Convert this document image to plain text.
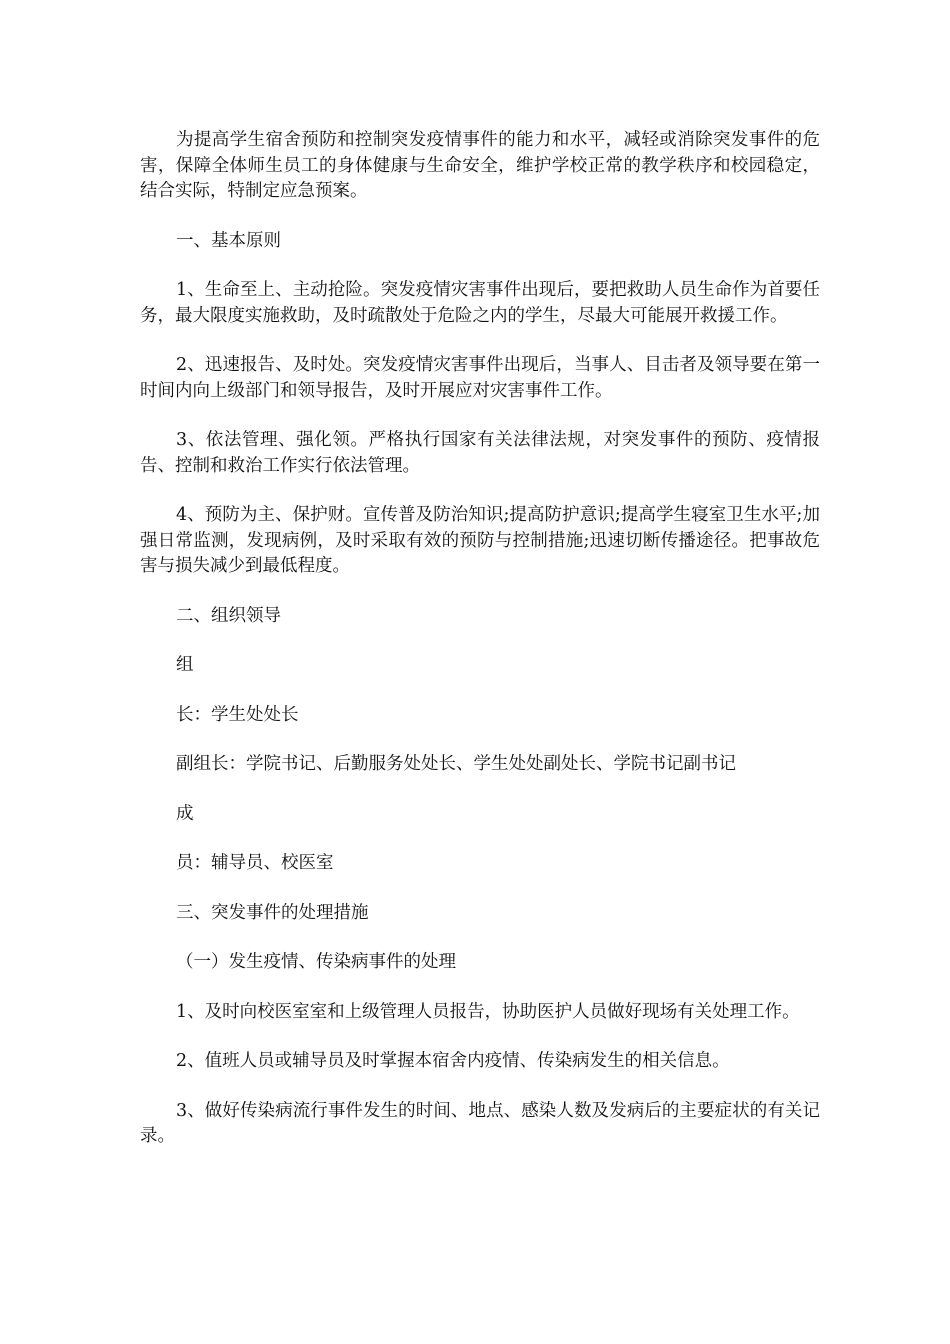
为提高学生宿舍预防和控制突发疫情事件的能力和水平，减轻或消除突发事件的危害，保障全体师生员工的身体健康与生命安全，维护学校正常的教学秩序和校园稳定，结合实际，特制定应急预案。

一、基本原则

1、生命至上、主动抢险。突发疫情灾害事件出现后，要把救助人员生命作为首要任务，最大限度实施救助，及时疏散处于危险之内的学生，尽最大可能展开救援工作。

2、迅速报告、及时处。突发疫情灾害事件出现后，当事人、目击者及领导要在第一时间内向上级部门和领导报告，及时开展应对灾害事件工作。

3、依法管理、强化领。严格执行国家有关法律法规，对突发事件的预防、疫情报告、控制和救治工作实行依法管理。

4、预防为主、保护财。宣传普及防治知识;提高防护意识;提高学生寝室卫生水平;加强日常监测，发现病例，及时采取有效的预防与控制措施;迅速切断传播途径。把事故危害与损失减少到最低程度。

二、组织领导

组

长：学生处处长

副组长：学院书记、后勤服务处处长、学生处处副处长、学院书记副书记

成

员：辅导员、校医室

三、突发事件的处理措施

（一）发生疫情、传染病事件的处理

1、及时向校医室室和上级管理人员报告，协助医护人员做好现场有关处理工作。

2、值班人员或辅导员及时掌握本宿舍内疫情、传染病发生的相关信息。

3、做好传染病流行事件发生的时间、地点、感染人数及发病后的主要症状的有关记录。
